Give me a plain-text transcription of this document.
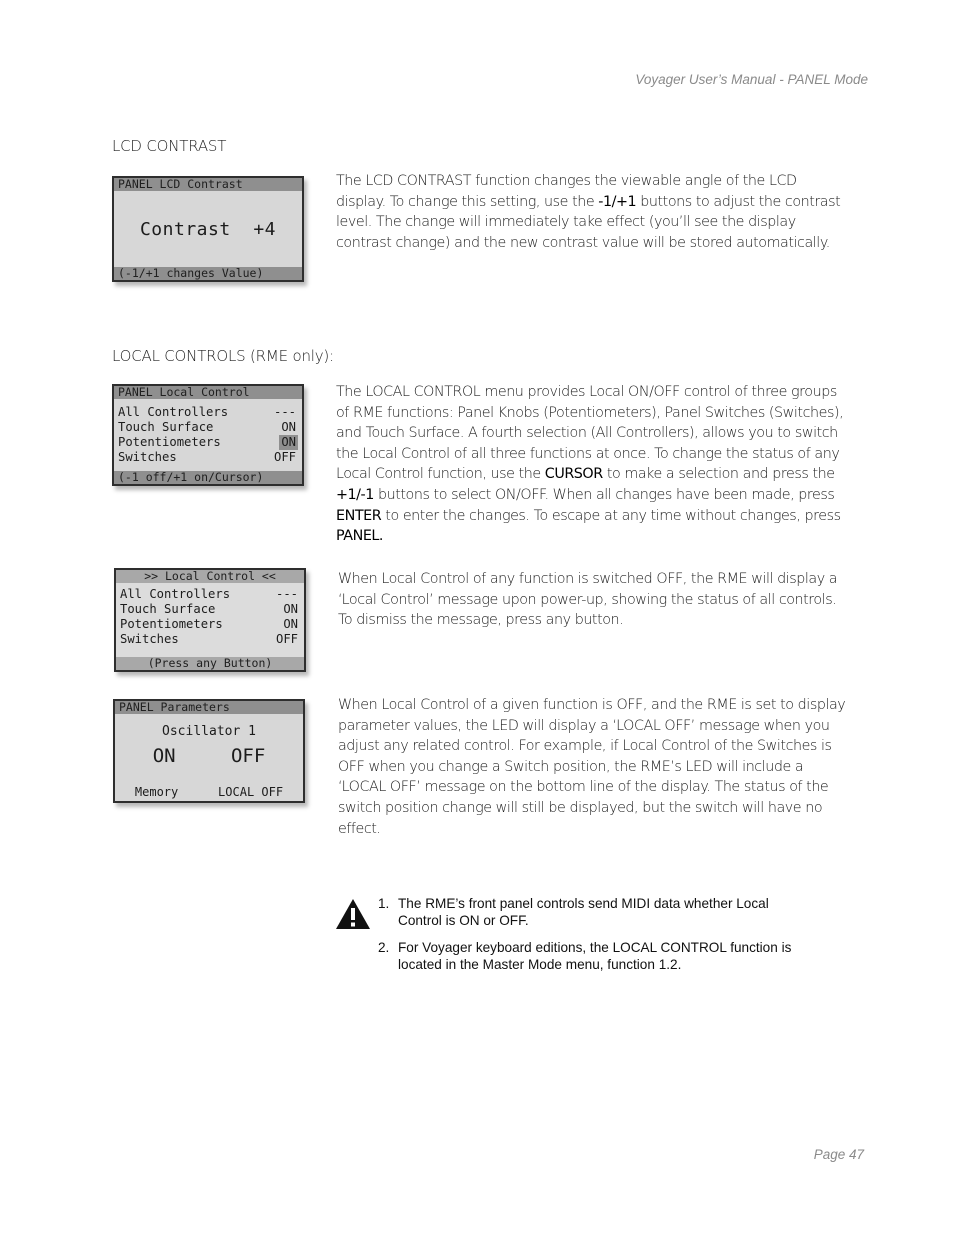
Voyager User’s Manual - PANEL Mode
LCD CONTRAST
PANEL LCD Contrast
Contrast  +4
(-1/+1 changes Value)

The LCD CONTRAST function changes the viewable angle of the LCD display. To change this setting, use the -1/+1 buttons to adjust the contrast level. The change will immediately take effect (you’ll see the display contrast change) and the new contrast value will be stored automatically.

LOCAL CONTROLS (RME only):
PANEL Local Control
All Controllers	---
Touch Surface	ON
Potentiometers	ON
Switches	OFF
(-1 off/+1 on/Cursor)

The LOCAL CONTROL menu provides Local ON/OFF control of three groups of RME functions: Panel Knobs (Potentiometers), Panel Switches (Switches), and Touch Surface. A fourth selection (All Controllers), allows you to switch the Local Control of all three functions at once. To change the status of any Local Control function, use the CURSOR to make a selection and press the +1/-1 buttons to select ON/OFF. When all changes have been made, press ENTER to enter the changes. To escape at any time without changes, press PANEL.

>> Local Control <<
All Controllers	---
Touch Surface	ON
Potentiometers	ON
Switches	OFF
(Press any Button)

When Local Control of any function is switched OFF, the RME will display a ‘Local Control’ message upon power-up, showing the status of all controls. To dismiss the message, press any button.

PANEL Parameters
Oscillator 1
ON	OFF
Memory	LOCAL OFF

When Local Control of a given function is OFF, and the RME is set to display parameter values, the LED will display a ‘LOCAL OFF’ message when you adjust any related control. For example, if Local Control of the Switches is OFF when you change a Switch position, the RME’s LED will include a ‘LOCAL OFF’ message on the bottom line of the display. The status of the switch position change will still be displayed, but the switch will have no effect.

1. The RME’s front panel controls send MIDI data whether Local Control is ON or OFF.
2. For Voyager keyboard editions, the LOCAL CONTROL function is located in the Master Mode menu, function 1.2.
Page 47
